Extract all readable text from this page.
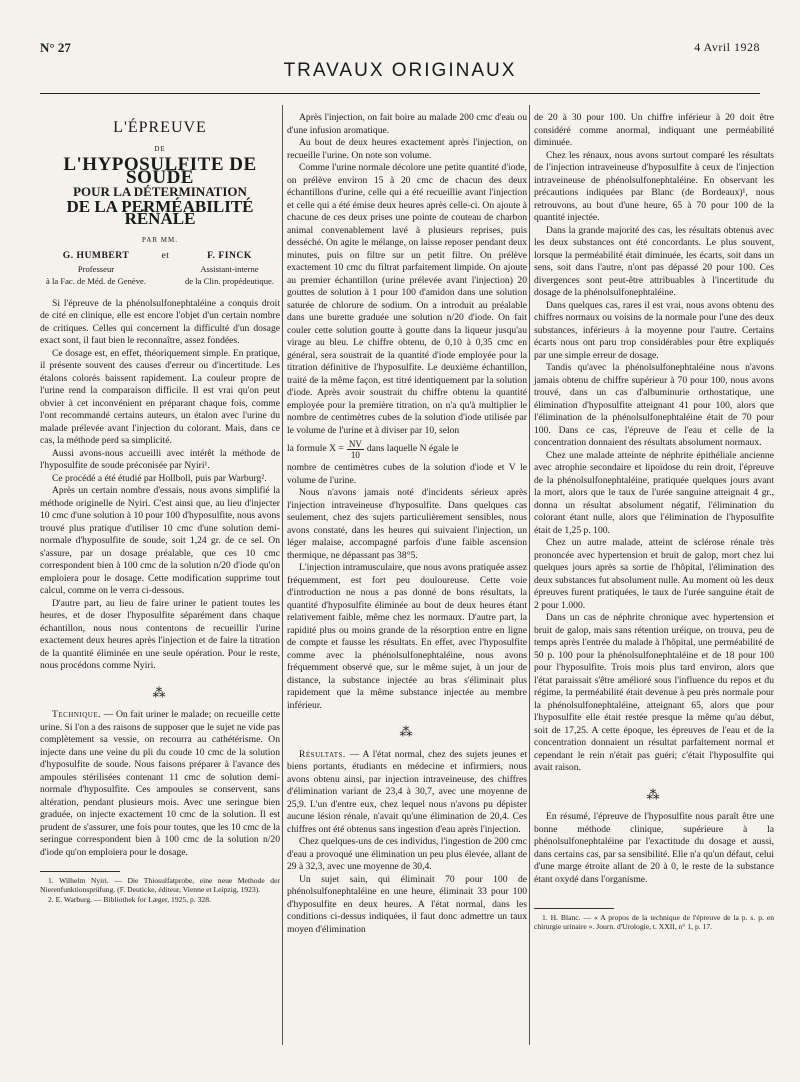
N° 27	4 Avril 1928
TRAVAUX ORIGINAUX
L'ÉPREUVE
DE
L'HYPOSULFITE DE SOUDE
POUR LA DÉTERMINATION
DE LA PERMÉABILITÉ RÉNALE
PAR MM.
G. HUMBERT
Professeur
à la Fac. de Méd. de Genève.
et	F. FINCK
Assistant-interne
de la Clin. propédeutique.

Si l'épreuve de la phénolsulfonephtaléine a conquis droit de cité en clinique, elle est encore l'objet d'un certain nombre de critiques. Celles qui concernent la difficulté d'un dosage exact sont, il faut bien le reconnaître, assez fondées.

Ce dosage est, en effet, théoriquement simple. En pratique, il présente souvent des causes d'erreur ou d'incertitude. Les étalons colorés baissent rapidement. La couleur propre de l'urine rend la comparaison difficile. Il est vrai qu'on peut obvier à cet inconvénient en préparant chaque fois, comme l'ont recommandé certains auteurs, un étalon avec l'urine du malade prélevée avant l'injection du colorant. Mais, dans ce cas, la méthode perd sa simplicité.

Aussi avons-nous accueilli avec intérêt la méthode de l'hyposulfite de soude préconisée par Nyiri¹.

Ce procédé a été étudié par Hollboll, puis par Warburg².

Après un certain nombre d'essais, nous avons simplifié la méthode originelle de Nyiri. C'est ainsi que, au lieu d'injecter 10 cmc d'une solution à 10 pour 100 d'hyposulfite, nous avons trouvé plus pratique d'utiliser 10 cmc d'une solution demi-normale d'hyposulfite de soude, soit 1,24 gr. de ce sel. On s'assure, par un dosage préalable, que ces 10 cmc correspondent bien à 100 cmc de la solution n/20 d'iode qu'on emploiera pour le dosage. Cette modification supprime tout calcul, comme on le verra ci-dessous.

D'autre part, au lieu de faire uriner le patient toutes les heures, et de doser l'hyposulfite séparément dans chaque échantillon, nous nous contentons de recueillir l'urine exactement deux heures après l'injection et de faire la titration de la quantité éliminée en une seule opération. Pour le reste, nous procédons comme Nyiri.

⁂

Technique. — On fait uriner le malade; on recueille cette urine. Si l'on a des raisons de supposer que le sujet ne vide pas complètement sa vessie, on recourra au cathétérisme. On injecte dans une veine du pli du coude 10 cmc de la solution d'hyposulfite de soude. Nous faisons préparer à l'avance des ampoules stérilisées contenant 11 cmc de solution demi-normale d'hyposulfite. Ces ampoules se conservent, sans altération, pendant plusieurs mois. Avec une seringue bien graduée, on injecte exactement 10 cmc de la solution. Il est prudent de s'assurer, une fois pour toutes, que les 10 cmc de la seringue correspondent bien à 100 cmc de la solution n/20 d'iode qu'on emploiera pour le dosage.

1. Wilhelm Nyiri. — Die Thiosulfatprobe, eine neue Methode der Nierenfunktionsprüfung. (F. Deuticke, éditeur, Vienne et Leipzig, 1923).

2. E. Warburg. — Bibliothek for Læger, 1925, p. 328.

Après l'injection, on fait boire au malade 200 cmc d'eau ou d'une infusion aromatique.

Au bout de deux heures exactement après l'injection, on recueille l'urine. On note son volume.

Comme l'urine normale décolore une petite quantité d'iode, on prélève environ 15 à 20 cmc de chacun des deux échantillons d'urine, celle qui a été recueillie avant l'injection et celle qui a été émise deux heures après celle-ci. On ajoute à chacune de ces deux prises une pointe de couteau de charbon animal convenablement lavé à plusieurs reprises, puis desséché. On agite le mélange, on laisse reposer pendant deux minutes, puis on filtre sur un petit filtre. On prélève exactement 10 cmc du filtrat parfaitement limpide. On ajoute au premier échantillon (urine prélevée avant l'injection) 20 gouttes de solution à 1 pour 100 d'amidon dans une solution saturée de chlorure de sodium. On a introduit au préalable dans une burette graduée une solution n/20 d'iode. On fait couler cette solution goutte à goutte dans la liqueur jusqu'au virage au bleu. Le chiffre obtenu, de 0,10 à 0,35 cmc en général, sera soustrait de la quantité d'iode employée pour la titration définitive de l'hyposulfite. Le deuxième échantillon, traité de la même façon, est titré identiquement par la solution d'iode. Après avoir soustrait du chiffre obtenu la quantité employée pour la première titration, on n'a qu'à multiplier le nombre de centimètres cubes de la solution d'iode utilisée par le volume de l'urine et à diviser par 10, selon

la formule $X = \frac{NV}{10}$ dans laquelle N égale le

nombre de centimètres cubes de la solution d'iode et V le volume de l'urine.

Nous n'avons jamais noté d'incidents sérieux après l'injection intraveineuse d'hyposulfite. Dans quelques cas seulement, chez des sujets particulièrement sensibles, nous avons constaté, dans les heures qui suivaient l'injection, un léger malaise, accompagné parfois d'une faible ascension thermique, ne dépassant pas 38°5.

L'injection intramusculaire, que nous avons pratiquée assez fréquemment, est fort peu douloureuse. Cette voie d'introduction ne nous a pas donné de bons résultats, la quantité d'hyposulfite éliminée au bout de deux heures étant relativement faible, même chez les normaux. D'autre part, la rapidité plus ou moins grande de la résorption entre en ligne de compte et fausse les résultats. En effet, avec l'hyposulfite comme avec la phénolsulfonephtaléine, nous avons fréquemment observé que, sur le même sujet, à un jour de distance, la substance injectée au bras s'éliminait plus rapidement que la même substance injectée au membre inférieur.

⁂

Résultats. — A l'état normal, chez des sujets jeunes et biens portants, étudiants en médecine et infirmiers, nous avons obtenu ainsi, par injection intraveineuse, des chiffres d'élimination variant de 23,4 à 30,7, avec une moyenne de 25,9. L'un d'entre eux, chez lequel nous n'avons pu dépister aucune lésion rénale, n'avait qu'une élimination de 20,4. Ces chiffres ont été obtenus sans ingestion d'eau après l'injection.

Chez quelques-uns de ces individus, l'ingestion de 200 cmc d'eau a provoqué une élimination un peu plus élevée, allant de 29 à 32,3, avec une moyenne de 30,4.

Un sujet sain, qui éliminait 70 pour 100 de phénolsulfonephtaléine en une heure, éliminait 33 pour 100 d'hyposulfite en deux heures. A l'état normal, dans les conditions ci-dessus indiquées, il faut donc admettre un taux moyen d'élimination

de 20 à 30 pour 100. Un chiffre inférieur à 20 doit être considéré comme anormal, indiquant une perméabilité diminuée.

Chez les rénaux, nous avons surtout comparé les résultats de l'injection intraveineuse d'hyposulfite à ceux de l'injection intraveineuse de phénolsulfonephtaléine. En observant les précautions indiquées par Blanc (de Bordeaux)¹, nous retrouvons, au bout d'une heure, 65 à 70 pour 100 de la quantité injectée.

Dans la grande majorité des cas, les résultats obtenus avec les deux substances ont été concordants. Le plus souvent, lorsque la perméabilité était diminuée, les écarts, soit dans un sens, soit dans l'autre, n'ont pas dépassé 20 pour 100. Ces divergences sont peut-être attribuables à l'incertitude du dosage de la phénolsulfonephtaléine.

Dans quelques cas, rares il est vrai, nous avons obtenu des chiffres normaux ou voisins de la normale pour l'une des deux substances, inférieurs à la moyenne pour l'autre. Certains écarts nous ont paru trop considérables pour être expliqués par une simple erreur de dosage.

Tandis qu'avec la phénolsulfonephtaléine nous n'avons jamais obtenu de chiffre supérieur à 70 pour 100, nous avons trouvé, dans un cas d'albuminurie orthostatique, une élimination d'hyposulfite atteignant 41 pour 100, alors que l'élimination de la phénolsulfonephtaléine était de 70 pour 100. Dans ce cas, l'épreuve de l'eau et celle de la concentration donnaient des résultats absolument normaux.

Chez une malade atteinte de néphrite épithéliale ancienne avec atrophie secondaire et lipoïdose du rein droit, l'épreuve de la phénolsulfonephtaléine, pratiquée quelques jours avant la mort, alors que le taux de l'urée sanguine atteignait 4 gr., donna un résultat absolument négatif, l'élimination du colorant étant nulle, alors que l'élimination de l'hyposulfite était de 1,25 p. 100.

Chez un autre malade, atteint de sclérose rénale très prononcée avec hypertension et bruit de galop, mort chez lui quelques jours après sa sortie de l'hôpital, l'élimination des deux substances fut absolument nulle. Au moment où les deux épreuves furent pratiquées, le taux de l'urée sanguine était de 2 pour 1.000.

Dans un cas de néphrite chronique avec hypertension et bruit de galop, mais sans rétention uréique, on trouva, peu de temps après l'entrée du malade à l'hôpital, une perméabilité de 50 p. 100 pour la phénolsulfonephtaléine et de 18 pour 100 pour l'hyposulfite. Trois mois plus tard environ, alors que l'état paraissait s'être amélioré sous l'influence du repos et du régime, la perméabilité était devenue à peu près normale pour la phénolsulfonephtaléine, atteignant 65, alors que pour l'hyposulfite elle était restée presque la même qu'au début, soit de 17,25. A cette époque, les épreuves de l'eau et de la concentration donnaient un résultat parfaitement normal et cependant le rein n'était pas guéri; c'était l'hyposulfite qui avait raison.

⁂

En résumé, l'épreuve de l'hyposulfite nous paraît être une bonne méthode clinique, supérieure à la phénolsulfonephtaléine par l'exactitude du dosage et aussi, dans certains cas, par sa sensibilité. Elle n'a qu'un défaut, celui d'une marge étroite allant de 20 à 0, le reste de la substance étant oxydé dans l'organisme.

1. H. Blanc. — « A propos de la technique de l'épreuve de la p. s. p. en chirurgie urinaire ». Journ. d'Urologie, t. XXII, n° 1, p. 17.
